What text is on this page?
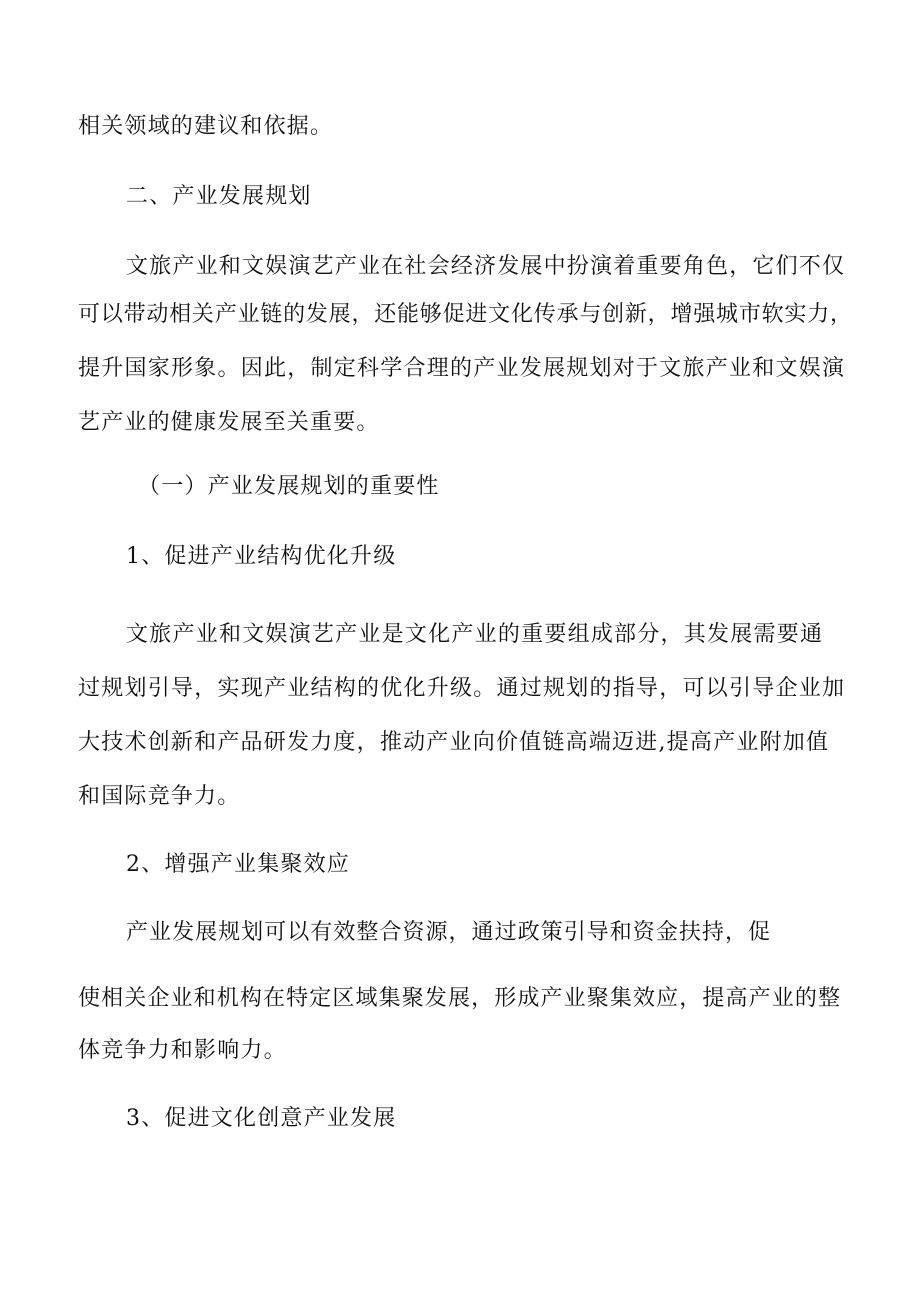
相关领域的建议和依据。
二、产业发展规划
文旅产业和文娱演艺产业在社会经济发展中扮演着重要角色，它们不仅
可以带动相关产业链的发展，还能够促进文化传承与创新，增强城市软实力，
提升国家形象。因此，制定科学合理的产业发展规划对于文旅产业和文娱演
艺产业的健康发展至关重要。
（一）产业发展规划的重要性
1、促进产业结构优化升级
文旅产业和文娱演艺产业是文化产业的重要组成部分，其发展需要通
过规划引导，实现产业结构的优化升级。通过规划的指导，可以引导企业加
大技术创新和产品研发力度，推动产业向价值链高端迈进,提高产业附加值
和国际竞争力。
2、增强产业集聚效应
产业发展规划可以有效整合资源，通过政策引导和资金扶持，促
使相关企业和机构在特定区域集聚发展，形成产业聚集效应，提高产业的整
体竞争力和影响力。
3、促进文化创意产业发展
